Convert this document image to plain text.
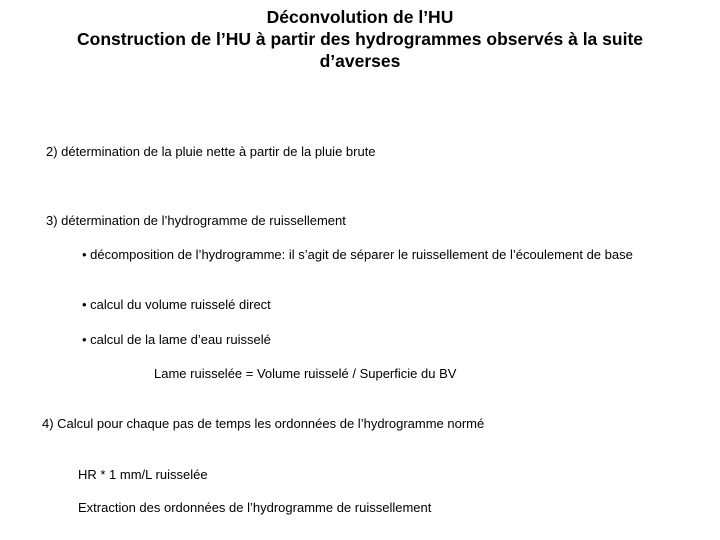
Déconvolution de l’HU
Construction de l’HU à partir des hydrogrammes observés à la suite
d’averses
2) détermination de la pluie nette à partir de la pluie brute
3) détermination de l’hydrogramme de ruissellement
• décomposition de l’hydrogramme: il s’agit de séparer le ruissellement de l’écoulement de base
• calcul du volume ruisselé direct
• calcul de la lame d’eau ruisselé
Lame ruisselée = Volume ruisselé / Superficie du BV
4) Calcul pour chaque pas de temps les ordonnées de l’hydrogramme normé
HR * 1 mm/L ruisselée
Extraction des ordonnées de l’hydrogramme de ruissellement
